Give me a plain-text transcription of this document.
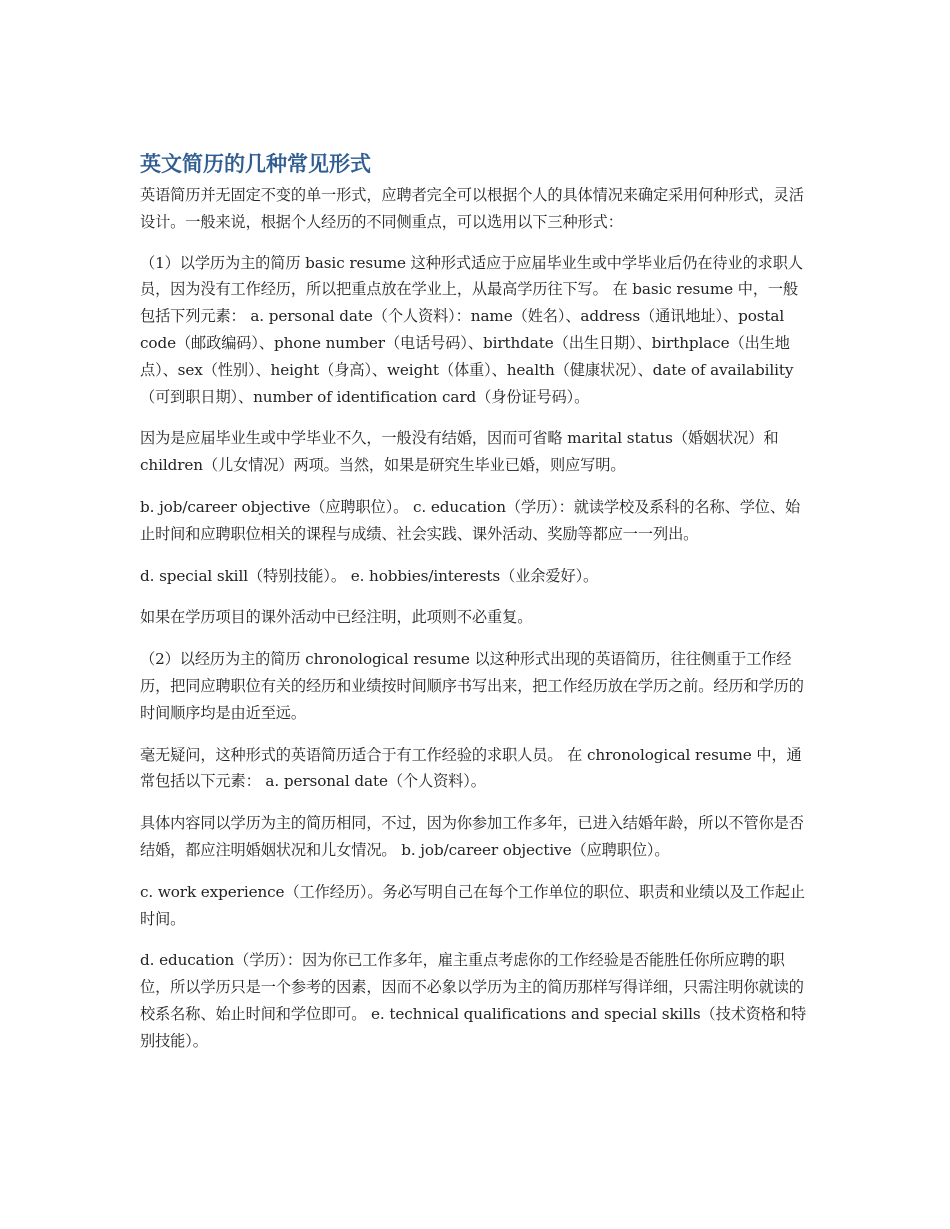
英文简历的几种常见形式

英语简历并无固定不变的单一形式，应聘者完全可以根据个人的具体情况来确定采用何种形式，灵活设计。一般来说，根据个人经历的不同侧重点，可以选用以下三种形式：

（1）以学历为主的简历 basic resume 这种形式适应于应届毕业生或中学毕业后仍在待业的求职人员，因为没有工作经历，所以把重点放在学业上，从最高学历往下写。 在 basic resume 中，一般包括下列元素： a. personal date（个人资料）：name（姓名）、address（通讯地址）、postal code（邮政编码）、phone number（电话号码）、birthdate（出生日期）、birthplace（出生地点）、sex（性别）、height（身高）、weight（体重）、health（健康状况）、date of availability（可到职日期）、number of identification card（身份证号码）。

因为是应届毕业生或中学毕业不久，一般没有结婚，因而可省略 marital status（婚姻状况）和 children（儿女情况）两项。当然，如果是研究生毕业已婚，则应写明。

b. job/career objective（应聘职位）。 c. education（学历）：就读学校及系科的名称、学位、始止时间和应聘职位相关的课程与成绩、社会实践、课外活动、奖励等都应一一列出。

d. special skill（特别技能）。 e. hobbies/interests（业余爱好）。

如果在学历项目的课外活动中已经注明，此项则不必重复。

（2）以经历为主的简历 chronological resume 以这种形式出现的英语简历，往往侧重于工作经历，把同应聘职位有关的经历和业绩按时间顺序书写出来，把工作经历放在学历之前。经历和学历的时间顺序均是由近至远。

毫无疑问，这种形式的英语简历适合于有工作经验的求职人员。 在 chronological resume 中，通常包括以下元素： a. personal date（个人资料）。

具体内容同以学历为主的简历相同，不过，因为你参加工作多年，已进入结婚年龄，所以不管你是否结婚，都应注明婚姻状况和儿女情况。 b. job/career objective（应聘职位）。

c. work experience（工作经历）。务必写明自己在每个工作单位的职位、职责和业绩以及工作起止时间。

d. education（学历）：因为你已工作多年，雇主重点考虑你的工作经验是否能胜任你所应聘的职位，所以学历只是一个参考的因素，因而不必象以学历为主的简历那样写得详细，只需注明你就读的校系名称、始止时间和学位即可。 e. technical qualifications and special skills（技术资格和特别技能）。
